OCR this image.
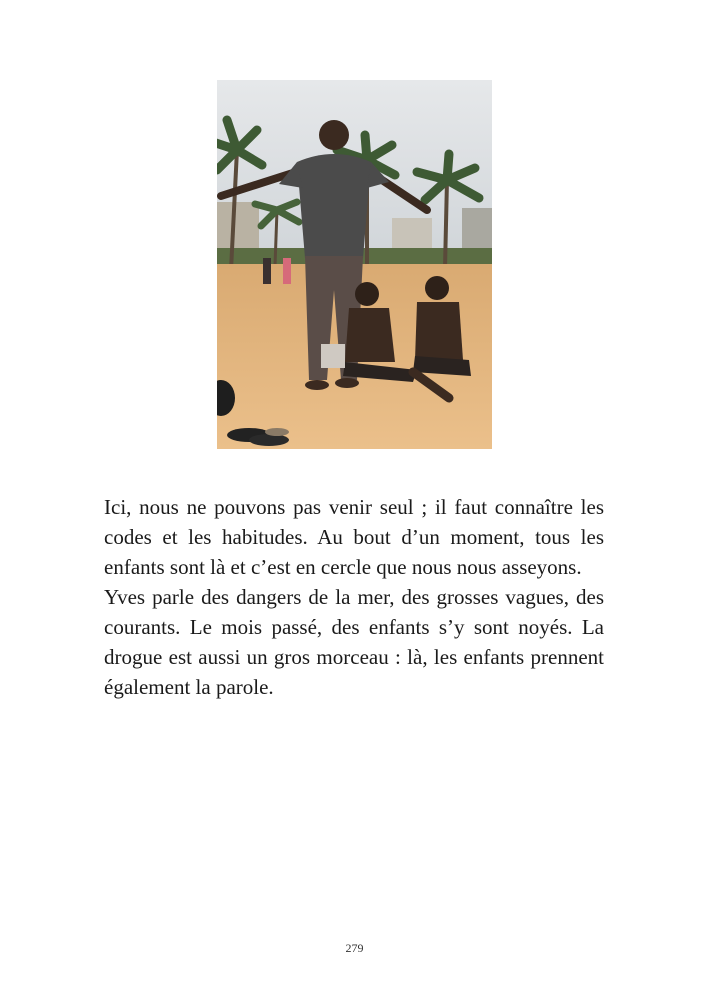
Ici, nous ne pouvons pas venir seul ; il faut connaître les codes et les habitudes. Au bout d’un moment, tous les enfants sont là et c’est en cercle que nous nous asseyons.

Yves parle des dangers de la mer, des grosses vagues, des courants. Le mois passé, des enfants s’y sont noyés. La drogue est aussi un gros morceau : là, les enfants prennent également la parole.

279
